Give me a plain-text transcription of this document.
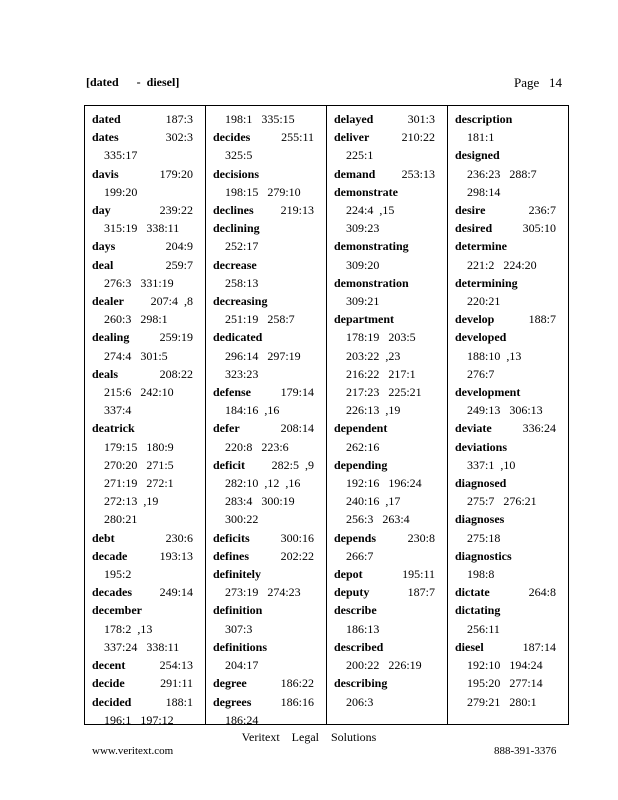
[dated      -  diesel]	Page   14
dated	187:3
dates	302:3
335:17
davis	179:20
199:20
day	239:22
315:19   338:11
days	204:9
deal	259:7
276:3   331:19
dealer	207:4  ,8
260:3   298:1
dealing	259:19
274:4   301:5
deals	208:22
215:6   242:10
337:4
deatrick
179:15   180:9
270:20   271:5
271:19   272:1
272:13  ,19
280:21
debt	230:6
decade	193:13
195:2
decades	249:14
december
178:2  ,13
337:24   338:11
decent	254:13
decide	291:11
decided	188:1
196:1   197:12
198:1   335:15
decides	255:11
325:5
decisions
198:15   279:10
declines	219:13
declining
252:17
decrease
258:13
decreasing
251:19   258:7
dedicated
296:14   297:19
323:23
defense	179:14
184:16  ,16
defer	208:14
220:8   223:6
deficit	282:5  ,9
282:10  ,12  ,16
283:4   300:19
300:22
deficits	300:16
defines	202:22
definitely
273:19   274:23
definition
307:3
definitions
204:17
degree	186:22
degrees	186:16
186:24
delayed	301:3
deliver	210:22
225:1
demand	253:13
demonstrate
224:4  ,15
309:23
demonstrating
309:20
demonstration
309:21
department
178:19   203:5
203:22  ,23
216:22   217:1
217:23   225:21
226:13  ,19
dependent
262:16
depending
192:16   196:24
240:16  ,17
256:3   263:4
depends	230:8
266:7
depot	195:11
deputy	187:7
describe
186:13
described
200:22   226:19
describing
206:3
description
181:1
designed
236:23   288:7
298:14
desire	236:7
desired	305:10
determine
221:2   224:20
determining
220:21
develop	188:7
developed
188:10  ,13
276:7
development
249:13   306:13
deviate	336:24
deviations
337:1  ,10
diagnosed
275:7   276:21
diagnoses
275:18
diagnostics
198:8
dictate	264:8
dictating
256:11
diesel	187:14
192:10   194:24
195:20   277:14
279:21   280:1
Veritext    Legal    Solutions
www.veritext.com	888-391-3376
